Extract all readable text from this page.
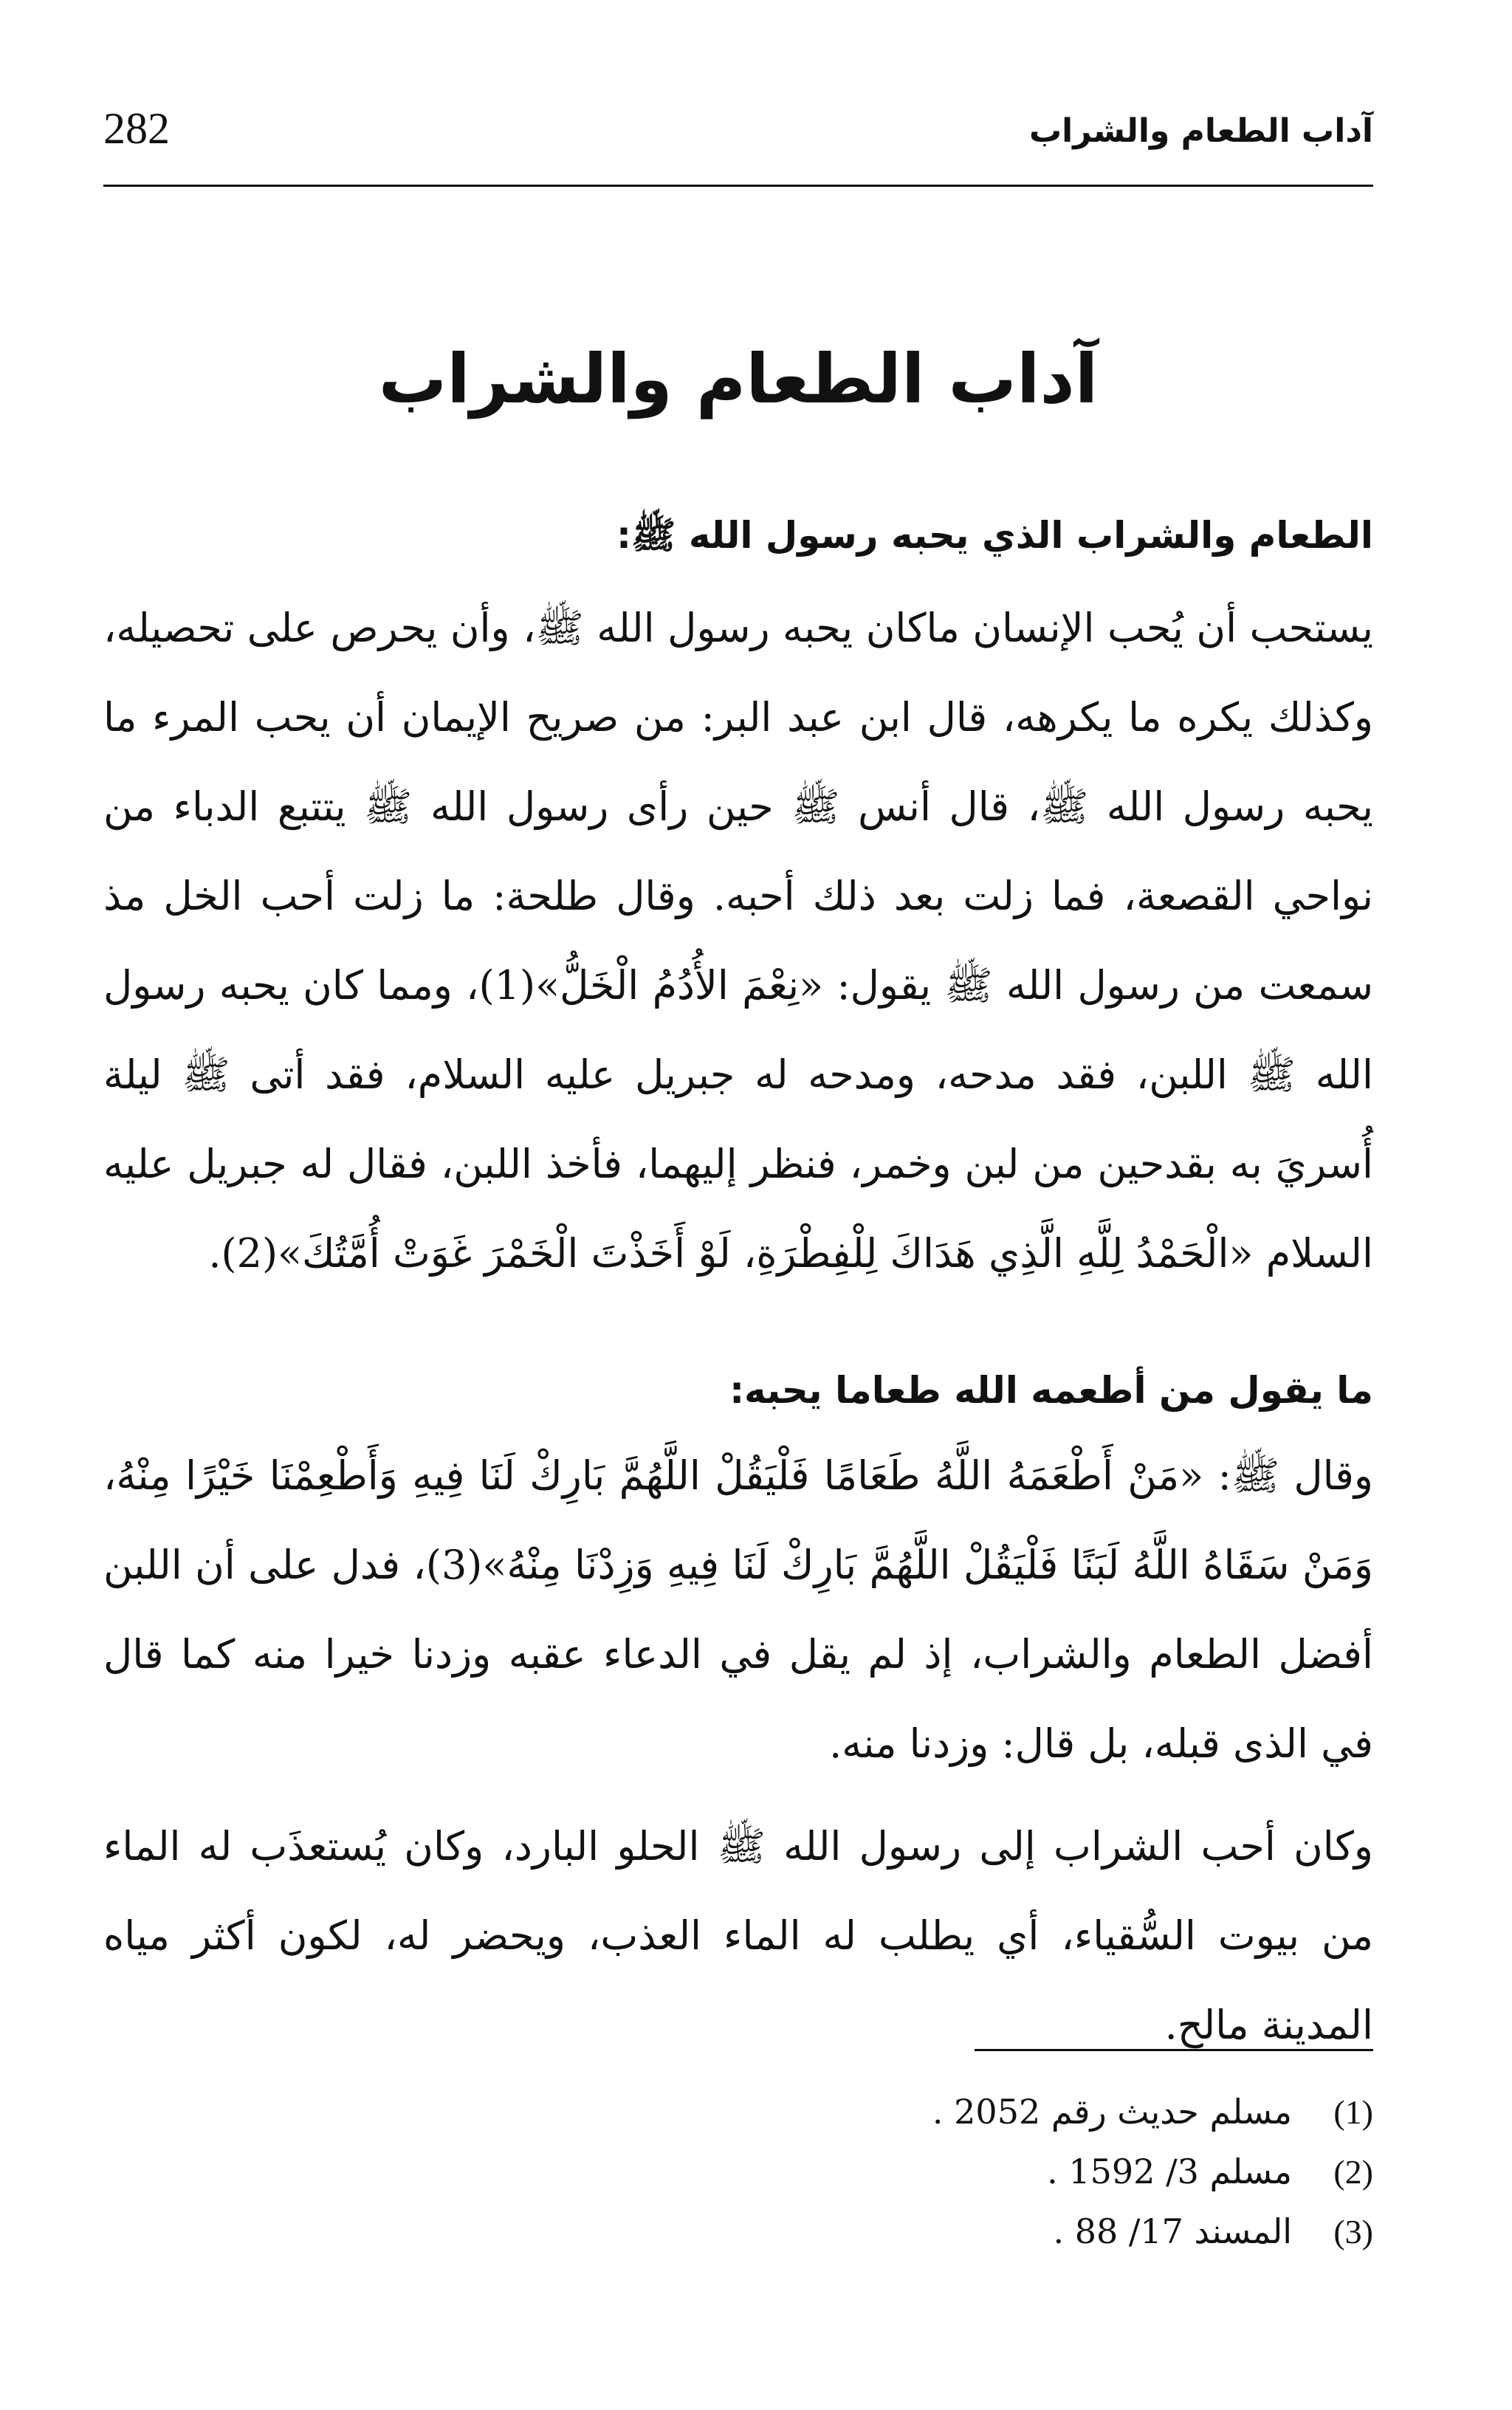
آداب الطعام والشراب
282
آداب الطعام والشراب
الطعام والشراب الذي يحبه رسول الله ﷺ:

يستحب أن يُحب الإنسان ماكان يحبه رسول الله ﷺ، وأن يحرص على تحصيله، وكذلك يكره ما يكرهه، قال ابن عبد البر: من صريح الإيمان أن يحب المرء ما يحبه رسول الله ﷺ، قال أنس ﷺ حين رأى رسول الله ﷺ يتتبع الدباء من نواحي القصعة، فما زلت بعد ذلك أحبه. وقال طلحة: ما زلت أحب الخل مذ سمعت من رسول الله ﷺ يقول: «نِعْمَ الأُدُمُ الْخَلُّ»(1)، ومما كان يحبه رسول الله ﷺ اللبن، فقد مدحه، ومدحه له جبريل عليه السلام، فقد أتى ﷺ ليلة أُسريَ به بقدحين من لبن وخمر، فنظر إليهما، فأخذ اللبن، فقال له جبريل عليه السلام «الْحَمْدُ لِلَّهِ الَّذِي هَدَاكَ لِلْفِطْرَةِ، لَوْ أَخَذْتَ الْخَمْرَ غَوَتْ أُمَّتُكَ»(2).

ما يقول من أطعمه الله طعاما يحبه:

وقال ﷺ: «مَنْ أَطْعَمَهُ اللَّهُ طَعَامًا فَلْيَقُلْ اللَّهُمَّ بَارِكْ لَنَا فِيهِ وَأَطْعِمْنَا خَيْرًا مِنْهُ، وَمَنْ سَقَاهُ اللَّهُ لَبَنًا فَلْيَقُلْ اللَّهُمَّ بَارِكْ لَنَا فِيهِ وَزِدْنَا مِنْهُ»(3)، فدل على أن اللبن أفضل الطعام والشراب، إذ لم يقل في الدعاء عقبه وزدنا خيرا منه كما قال في الذى قبله، بل قال: وزدنا منه.

وكان أحب الشراب إلى رسول الله ﷺ الحلو البارد، وكان يُستعذَب له الماء من بيوت السُّقياء، أي يطلب له الماء العذب، ويحضر له، لكون أكثر مياه المدينة مالح.

(1)
مسلم حديث رقم 2052 .
(2)
مسلم 3/ 1592 .
(3)
المسند 17/ 88 .
